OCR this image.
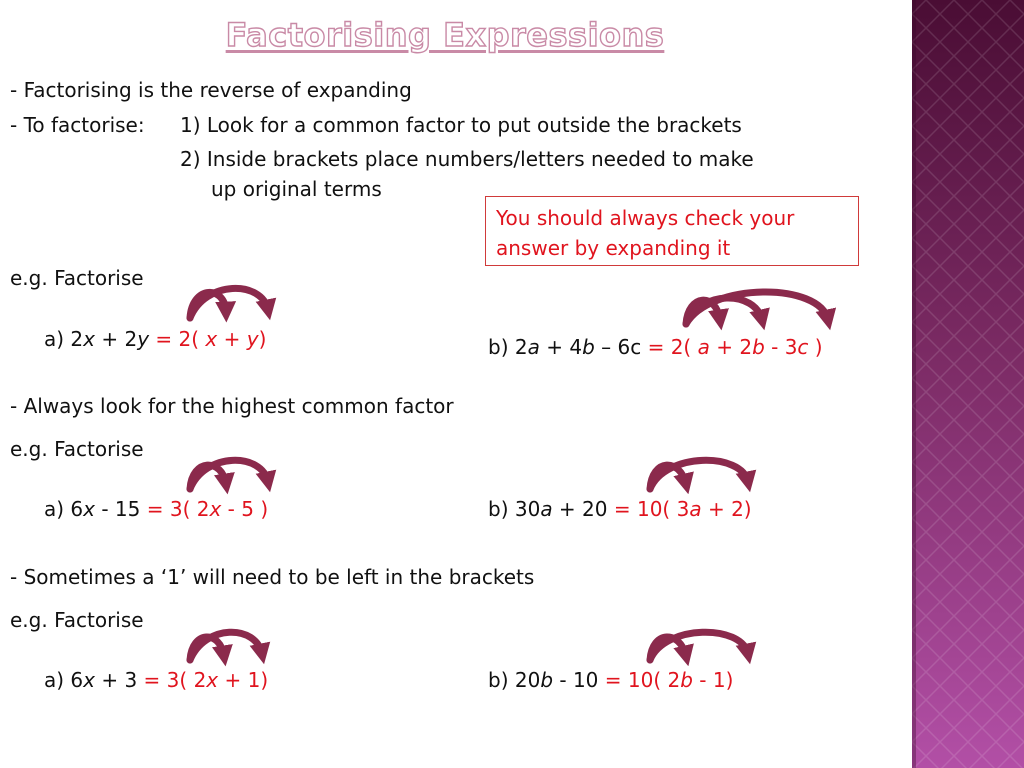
Factorising Expressions
- Factorising is the reverse of expanding
- To factorise: 1) Look for a common factor to put outside the brackets
2) Inside brackets place numbers/letters needed to make
up original terms
You should always check your
answer by expanding it
e.g. Factorise
a) 2x + 2y = 2( x + y)	b) 2a + 4b – 6c = 2( a + 2b - 3c )
- Always look for the highest common factor
e.g. Factorise
a) 6x - 15 = 3( 2x - 5 )	b) 30a + 20 = 10( 3a + 2)
- Sometimes a ‘1’ will need to be left in the brackets
e.g. Factorise
a) 6x + 3 = 3( 2x + 1)	b) 20b - 10 = 10( 2b - 1)
